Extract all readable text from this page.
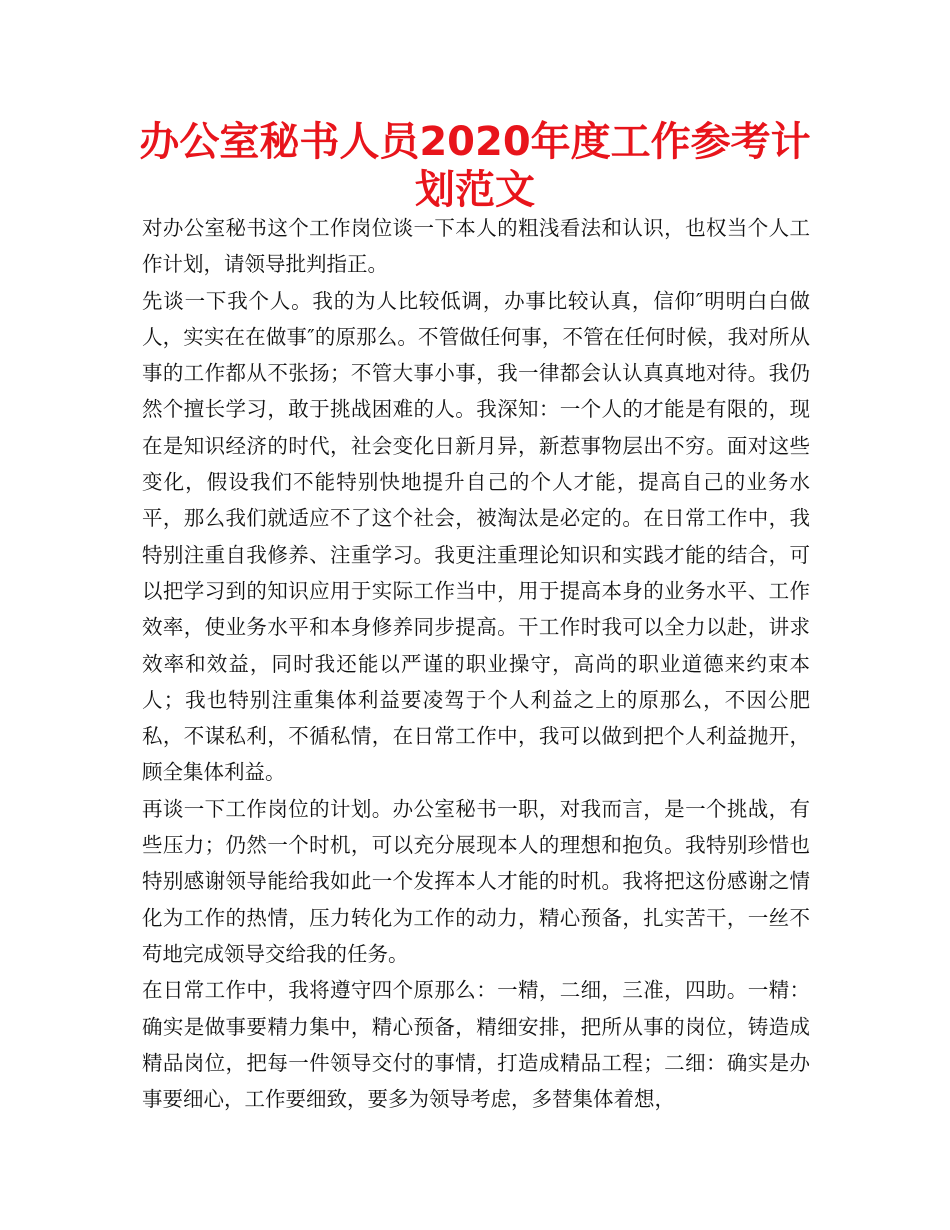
办公室秘书人员2020年度工作参考计划范文

对办公室秘书这个工作岗位谈一下本人的粗浅看法和认识，也权当个人工作计划，请领导批判指正。

先谈一下我个人。我的为人比较低调，办事比较认真，信仰″明明白白做人，实实在在做事″的原那么。不管做任何事，不管在任何时候，我对所从事的工作都从不张扬；不管大事小事，我一律都会认认真真地对待。我仍然个擅长学习，敢于挑战困难的人。我深知：一个人的才能是有限的，现在是知识经济的时代，社会变化日新月异，新惹事物层出不穷。面对这些变化，假设我们不能特别快地提升自己的个人才能，提高自己的业务水平，那么我们就适应不了这个社会，被淘汰是必定的。在日常工作中，我特别注重自我修养、注重学习。我更注重理论知识和实践才能的结合，可以把学习到的知识应用于实际工作当中，用于提高本身的业务水平、工作效率，使业务水平和本身修养同步提高。干工作时我可以全力以赴，讲求效率和效益，同时我还能以严谨的职业操守，高尚的职业道德来约束本人；我也特别注重集体利益要凌驾于个人利益之上的原那么，不因公肥私，不谋私利，不循私情，在日常工作中，我可以做到把个人利益抛开，顾全集体利益。

再谈一下工作岗位的计划。办公室秘书一职，对我而言，是一个挑战，有些压力；仍然一个时机，可以充分展现本人的理想和抱负。我特别珍惜也特别感谢领导能给我如此一个发挥本人才能的时机。我将把这份感谢之情化为工作的热情，压力转化为工作的动力，精心预备，扎实苦干，一丝不苟地完成领导交给我的任务。

在日常工作中，我将遵守四个原那么：一精，二细，三准，四助。一精：确实是做事要精力集中，精心预备，精细安排，把所从事的岗位，铸造成精品岗位，把每一件领导交付的事情，打造成精品工程；二细：确实是办事要细心，工作要细致，要多为领导考虑，多替集体着想，
